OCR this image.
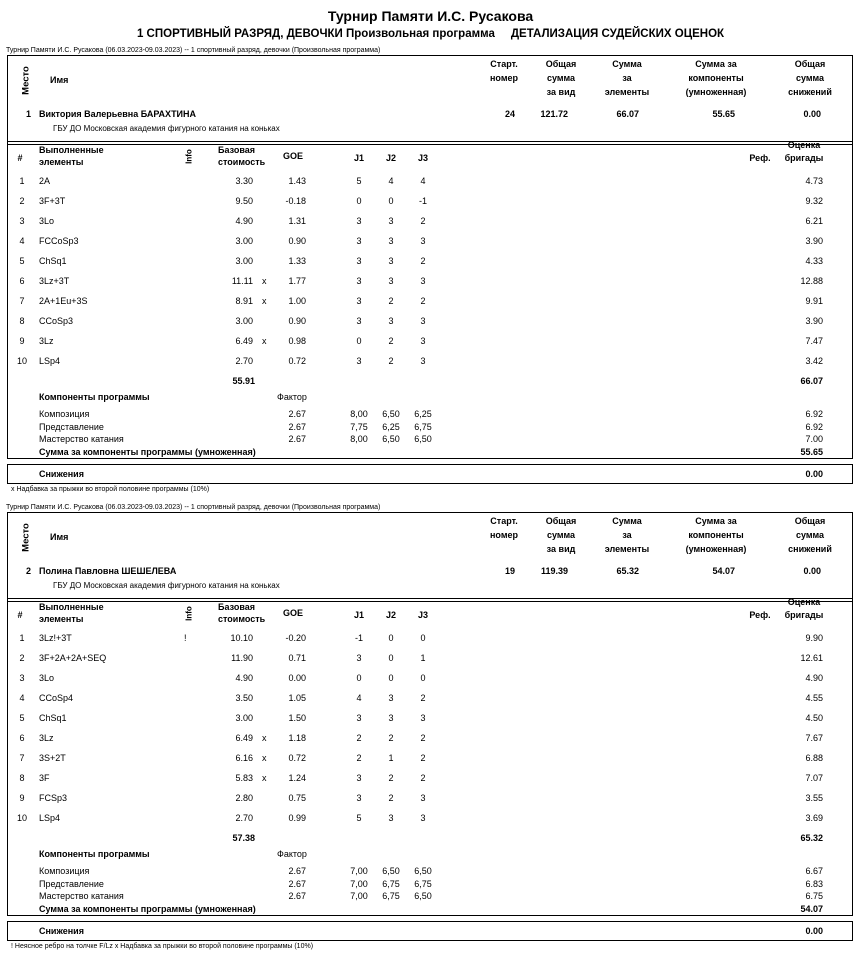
Турнир Памяти И.С. Русакова
1 СПОРТИВНЫЙ РАЗРЯД, ДЕВОЧКИ Произвольная программа ДЕТАЛИЗАЦИЯ СУДЕЙСКИХ ОЦЕНОК
Турнир Памяти И.С. Русакова (06.03.2023-09.03.2023) -- 1 спортивный разряд, девочки (Произвольная программа)
Место Имя
Старт.
номер
Общая
сумма
за вид
Сумма
за
элементы
Сумма за
компоненты
(умноженная)
Общая
сумма
снижений
1 Виктория Валерьевна БАРАХТИНА
ГБУ ДО Московская академия фигурного катания на коньках
24	121.72	66.07	55.65	0.00
#
Выполненные
элементы	Info	Базовая
стоимость
GOE	J1	J2	J3	Реф.
Оценка
бригады
1	2A	3.30	1.43	5	4	4	4.73
2	3F+3T	9.50	-0.18	0	0	-1	9.32
3	3Lo	4.90	1.31	3	3	2	6.21
4	FCCoSp3	3.00	0.90	3	3	3	3.90
5	ChSq1	3.00	1.33	3	3	2	4.33
6	3Lz+3T	11.11 x	1.77	3	3	3	12.88
7	2A+1Eu+3S	8.91 x	1.00	3	2	2	9.91
8	CCoSp3	3.00	0.90	3	3	3	3.90
9	3Lz	6.49 x	0.98	0	2	3	7.47
10 LSp4	2.70	0.72	3	2	3	3.42
55.91	66.07
Компоненты программы	Фактор
Композиция	2.67	8,00	6,50	6,25	6.92
Представление	2.67	7,75	6,25	6,75	6.92
Мастерство катания	2.67	8,00	6,50	6,50	7.00
Сумма за компоненты программы (умноженная)	55.65
Снижения	0.00
x Надбавка за прыжки во второй половине программы (10%)
Турнир Памяти И.С. Русакова (06.03.2023-09.03.2023) -- 1 спортивный разряд, девочки (Произвольная программа)
Место Имя
Старт.
номер
Общая
сумма
за вид
Сумма
за
элементы
Сумма за
компоненты
(умноженная)
Общая
сумма
снижений
2 Полина Павловна ШЕШЕЛЕВА
ГБУ ДО Московская академия фигурного катания на коньках
19	119.39	65.32	54.07	0.00
#
Выполненные
элементы	Info	Базовая
стоимость
GOE	J1	J2	J3	Реф.
Оценка
бригады
1	3Lz!+3T	!	10.10	-0.20	-1	0	0	9.90
2	3F+2A+2A+SEQ	11.90	0.71	3	0	1	12.61
3	3Lo	4.90	0.00	0	0	0	4.90
4	CCoSp4	3.50	1.05	4	3	2	4.55
5	ChSq1	3.00	1.50	3	3	3	4.50
6	3Lz	6.49 x	1.18	2	2	2	7.67
7	3S+2T	6.16 x	0.72	2	1	2	6.88
8	3F	5.83 x	1.24	3	2	2	7.07
9	FCSp3	2.80	0.75	3	2	3	3.55
10 LSp4	2.70	0.99	5	3	3	3.69
57.38	65.32
Компоненты программы	Фактор
Композиция	2.67	7,00	6,50	6,50	6.67
Представление	2.67	7,00	6,75	6,75	6.83
Мастерство катания	2.67	7,00	6,75	6,50	6.75
Сумма за компоненты программы (умноженная)	54.07
Снижения	0.00
! Неясное ребро на толчке F/Lz x Надбавка за прыжки во второй половине программы (10%)
